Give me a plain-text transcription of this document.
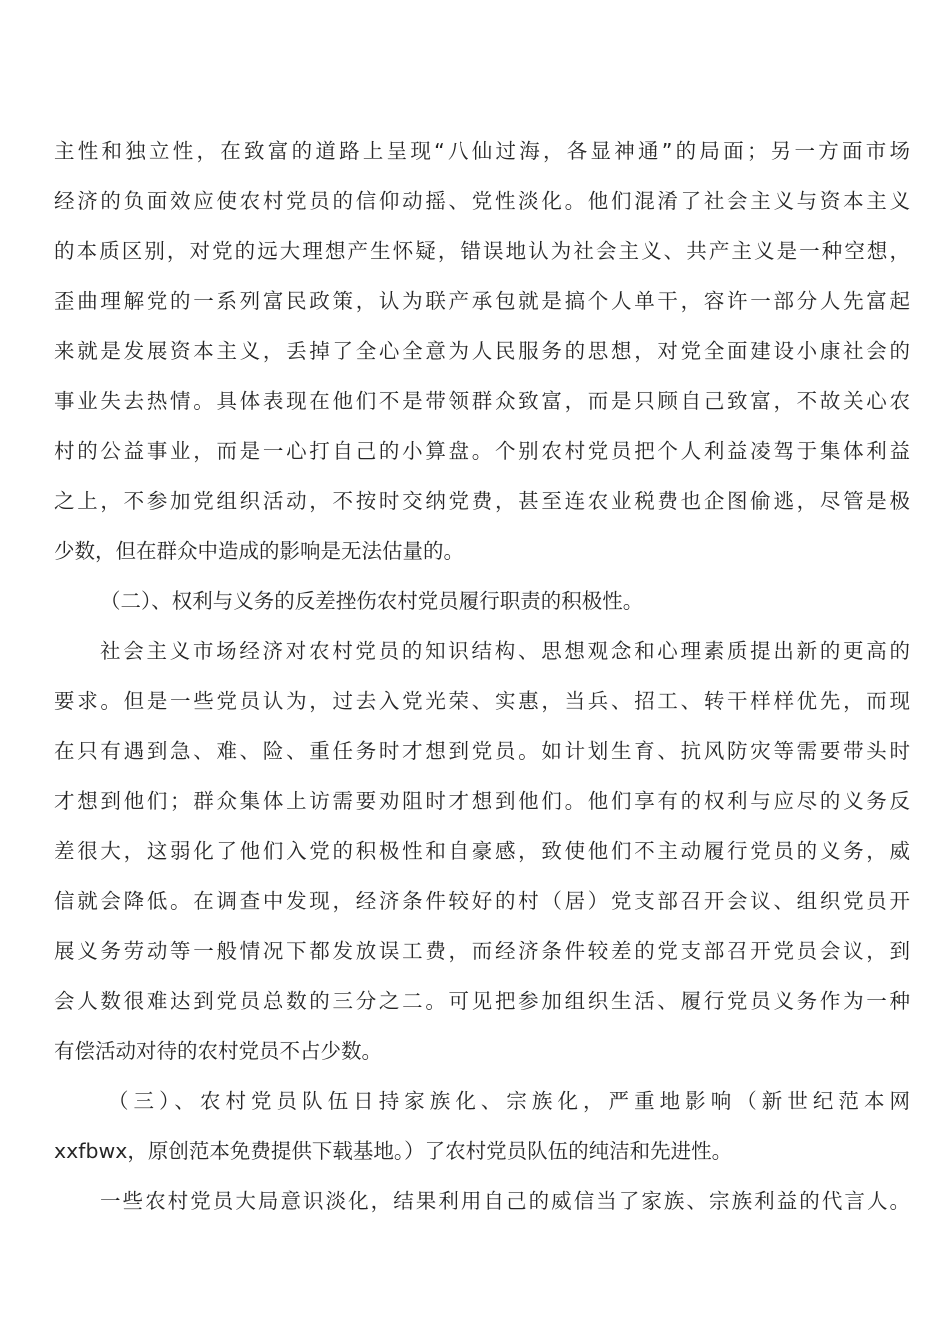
主性和独立性，在致富的道路上呈现“八仙过海，各显神通”的局面；另一方面市场
经济的负面效应使农村党员的信仰动摇、党性淡化。他们混淆了社会主义与资本主义
的本质区别，对党的远大理想产生怀疑，错误地认为社会主义、共产主义是一种空想，
歪曲理解党的一系列富民政策，认为联产承包就是搞个人单干，容许一部分人先富起
来就是发展资本主义，丢掉了全心全意为人民服务的思想，对党全面建设小康社会的
事业失去热情。具体表现在他们不是带领群众致富，而是只顾自己致富，不故关心农
村的公益事业，而是一心打自己的小算盘。个别农村党员把个人利益凌驾于集体利益
之上，不参加党组织活动，不按时交纳党费，甚至连农业税费也企图偷逃，尽管是极
少数，但在群众中造成的影响是无法估量的。
（二）、权利与义务的反差挫伤农村党员履行职责的积极性。
社会主义市场经济对农村党员的知识结构、思想观念和心理素质提出新的更高的
要求。但是一些党员认为，过去入党光荣、实惠，当兵、招工、转干样样优先，而现
在只有遇到急、难、险、重任务时才想到党员。如计划生育、抗风防灾等需要带头时
才想到他们；群众集体上访需要劝阻时才想到他们。他们享有的权利与应尽的义务反
差很大，这弱化了他们入党的积极性和自豪感，致使他们不主动履行党员的义务，威
信就会降低。在调查中发现，经济条件较好的村（居）党支部召开会议、组织党员开
展义务劳动等一般情况下都发放误工费，而经济条件较差的党支部召开党员会议，到
会人数很难达到党员总数的三分之二。可见把参加组织生活、履行党员义务作为一种
有偿活动对待的农村党员不占少数。
（三）、农村党员队伍日持家族化、宗族化，严重地影响（新世纪范本网
xxfbwx，原创范本免费提供下载基地。）了农村党员队伍的纯洁和先进性。
一些农村党员大局意识淡化，结果利用自己的威信当了家族、宗族利益的代言人。
